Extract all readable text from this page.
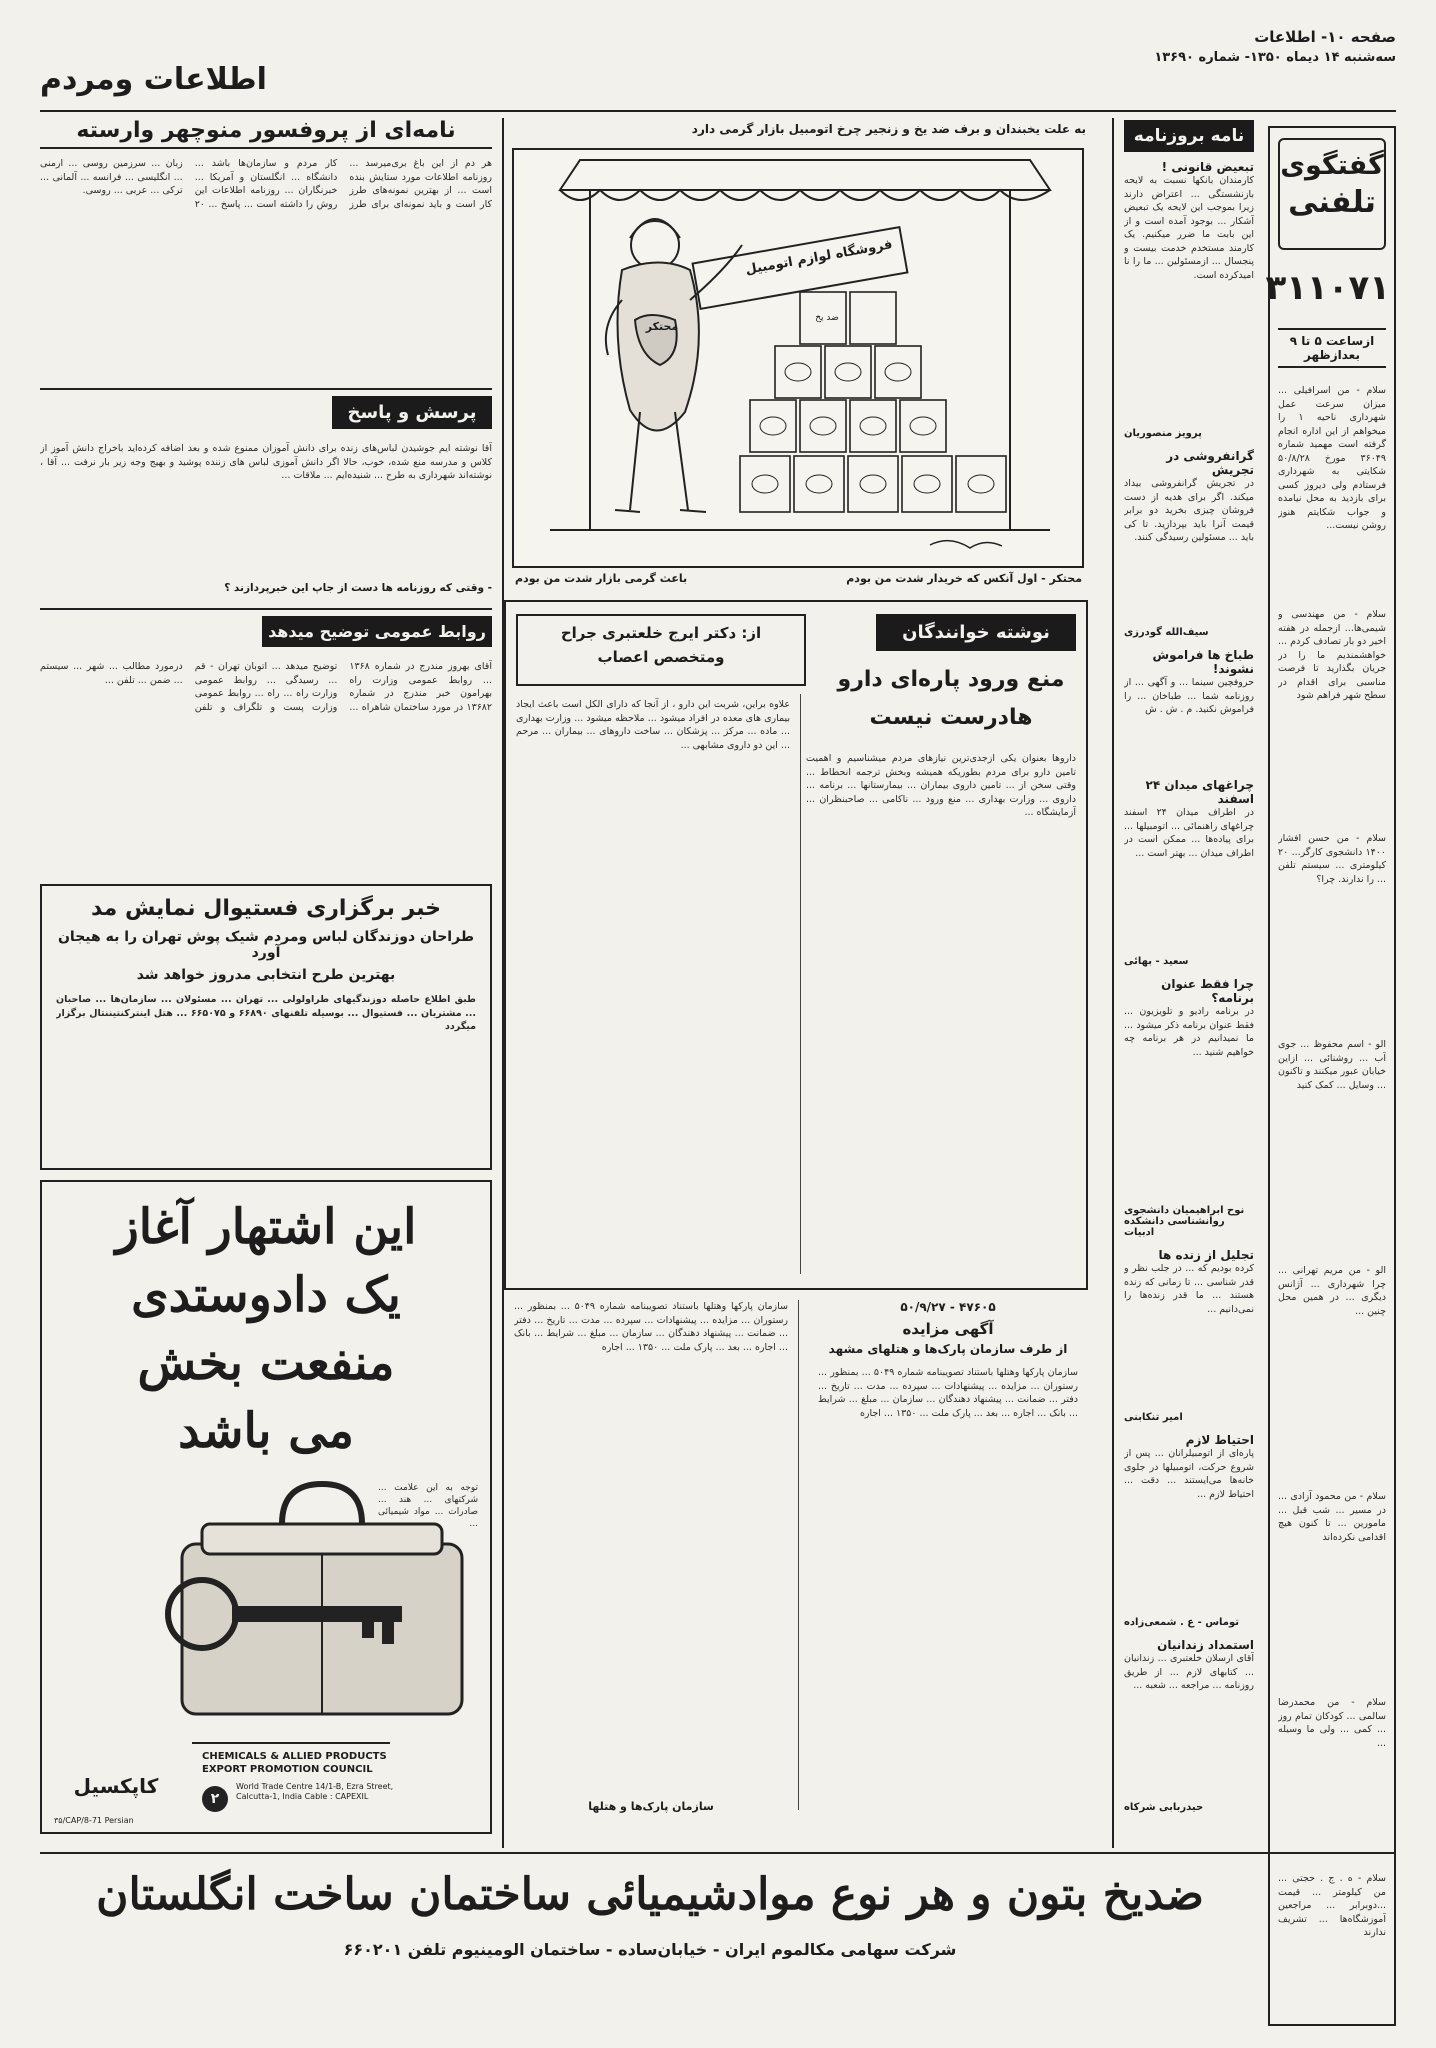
صفحه ۱۰- اطلاعات
سه‌شنبه ۱۴ دیماه ۱۳۵۰- شماره ۱۳۶۹۰
اطلاعات ومردم
گفتگوی
تلفنی
۳۱۱۰۷۱
ازساعت ۵ تا ۹
بعدازظهر
سلام - من اسرافیلی ... میزان سرعت عمل شهرداری ناحیه ۱ را میخواهم از این اداره انجام گرفته است مهمید شماره ۳۶۰۴۹ مورخ ۵۰/۸/۲۸ شکایتی به شهرداری فرستادم ولی دیروز کسی برای بازدید به محل نیامده و جواب شکایتم هنوز روشن نیست...
سلام - من مهندسی و شیمی‌ها... ازجمله در هفته اخیر دو بار تصادف کردم ... خواهشمندیم ما را در جریان بگذارید تا فرصت مناسبی برای اقدام در سطح شهر فراهم شود
سلام - من حسن افشار ۱۴۰۰ دانشجوی کارگر... ۲۰ کیلومتری ... سیستم تلفن ... را ندارند. چرا؟
الو - اسم محفوظ ... جوی آب ... روشنائی ... ازاین خیابان عبور میکنند و تاکنون ... وسایل ... کمک کنید
الو - من مریم تهرانی ... چرا شهرداری ... آژانس دیگری ... در همین محل چنین ...
سلام - من محمود آزادی ... در مسیر ... شب قبل ... مامورین ... تا کنون هیچ اقدامی نکرده‌اند
سلام - من محمدرضا سالمی ... کودکان تمام روز ... کمی ... ولی ما وسیله ...
سلام - ه . ج . حجتی ... من کیلومتر ... قیمت ...دوبرابر ... مراجعین آموزشگاه‌ها ... تشریف ندارند
نامه بروزنامه
تبعیض قانونی !
کارمندان بانکها نسبت به لایحه بازنشستگی ... اعتراض دارند زیرا بموجب این لایحه یک تبعیض آشکار ... بوجود آمده است و از این بابت ما ضرر میکنیم. یک کارمند مستخدم خدمت بیست و پنجسال ... ازمسئولین ... ما را نا امیدکرده است.
پرویز منصوریان
گرانفروشی در تجریش
در تجریش گرانفروشی بیداد میکند. اگر برای هدیه از دست فروشان چیزی بخرید دو برابر قیمت آنرا باید بپردازید. تا کی باید ... مسئولین رسیدگی کنند.
سیف‌الله گودرزی
طباخ ها فراموش نشوند!
حروفچین سینما ... و آگهی ... از روزنامه شما ... طباخان ... را فراموش نکنید. م . ش . ش
چراغهای میدان ۲۴ اسفند
در اطراف میدان ۲۴ اسفند چراغهای راهنمائی ... اتومبیلها ... برای پیاده‌ها ... ممکن است در اطراف میدان ... بهتر است ...
سعید - بهائی
چرا فقط عنوان برنامه؟
در برنامه رادیو و تلویزیون ... فقط عنوان برنامه ذکر میشود ... ما نمیدانیم در هر برنامه چه خواهیم شنید ...
نوح ابراهیمیان دانشجوی روانشناسی دانشکده ادبیات
تجلیل از زنده ها
کرده بودیم که ... در جلب نظر و قدر شناسی ... تا زمانی که زنده هستند ... ما قدر زنده‌ها را نمی‌دانیم ...
امیر تنکابنی
احتیاط لازم
پاره‌ای از اتومبیلرانان ... پس از شروع حرکت، اتومبیلها در جلوی خانه‌ها می‌ایستند ... دقت ... احتیاط لازم ...
توماس - ع . شمعی‌زاده
استمداد زندانیان
آقای ارسلان خلعتبری ... زندانیان ... کتابهای لازم ... از طریق روزنامه ... مراجعه ... شعبه ...
حیدربابی شرکاه
به علت یخبندان و برف ضد یخ و زنجیر چرخ اتومبیل بازار گرمی دارد
فروشگاه لوازم اتومبیل
محتکر
ضد یخ
محتکر - اول آنکس که خریدار شدت من بودم
باعث گرمی بازار شدت من بودم
نامه‌ای از پروفسور منوچهر وارسته
هر دم از این باغ بری‌میرسد ... روزنامه اطلاعات مورد ستایش بنده است ... از بهترین نمونه‌های طرز کار است و باید نمونه‌ای برای طرز کار مردم و سازمان‌ها باشد ... دانشگاه ... انگلستان و آمریکا ... خبرنگاران ... روزنامه اطلاعات این روش را داشته است ... پاسخ ... ۲۰ زبان ... سرزمین روسی ... ارمنی ... انگلیسی ... فرانسه ... آلمانی ... ترکی ... عربی ... روسی.
پرسش و پاسخ
آقا نوشته ایم جوشیدن لباس‌های زنده برای دانش آموزان ممنوع شده و بعد اضافه کرده‌اید باخراج دانش آموز از کلاس و مدرسه منع شده، خوب، حالا اگر دانش آموزی لباس های زننده پوشید و بهیج وجه زیر بار نرفت ... آقا ، نوشته‌اند شهرداری به طرح ... شنیده‌ایم ... ملاقات ...
- وقتی که روزنامه ها دست از جاپ این خبر‌پردازند ؟
روابط عمومی توضیح میدهد
آقای بهروز مندرج در شماره ۱۳۶۸ ... روابط عمومی وزارت راه بهرامون خبر مندرج در شماره ۱۳۶۸۲ در مورد ساختمان شاهراه ... توضیح میدهد ... اتوبان تهران - قم ... رسیدگی ... روابط عمومی وزارت راه ... راه ... روابط عمومی وزارت پست و تلگراف و تلفن درمورد مطالب ... شهر ... سیستم ... ضمن ... تلفن ...
خبر برگزاری فستیوال نمایش مد
طراحان دوزندگان لباس ومردم شیک پوش تهران را به هیجان آورد
بهترین طرح انتخابی مدروز خواهد شد
طبق اطلاع حاصله دوزندگیهای طراولولی ... تهران ... مسئولان ... سازمان‌ها ... صاحبان ... مشتریان ... فستیوال ... بوسیله تلفنهای ۶۶۸۹۰ و ۶۶۵۰۷۵ ... هتل اینترکنتیننتال برگزار میگردد
این اشتهار آغاز
یک دادوستدی
منفعت بخش
می باشد
توجه به این علامت ... شرکتهای ... هند ... صادرات ... مواد شیمیائی ...
کاپکسیل
CHEMICALS & ALLIED PRODUCTS EXPORT PROMOTION COUNCIL
۲
World Trade Centre 14/1-B, Ezra Street, Calcutta-1, India Cable : CAPEXIL
۳۵/CAP/8-71 Persian
نوشته خوانندگان
منع ورود پاره‌ای دارو
هادرست نیست
از: دکتر ایرج خلعتبری جراح
ومتخصص اعصاب
داروها بعنوان یکی ازجدی‌ترین نیازهای مردم میشناسیم و اهمیت تامین دارو برای مردم بطوریکه همیشه وبخش ترجمه انحطاط ... وقتی سخن از ... تامین داروی بیماران ... بیمارستانها ... برنامه ... داروی ... وزارت بهداری ... منع ورود ... ناکامی ... صاحبنظران ... آزمایشگاه ...
علاوه براین، شربت این دارو ، از آنجا که دارای الکل است باعث ایجاد بیماری های معده در افراد میشود ... ملاحظه میشود ... وزارت بهداری ... ماده ... مرکز ... پزشکان ... ساخت داروهای ... بیماران ... مرحم ... این دو داروی مشابهی ...
۴۷۶۰۵ - ۵۰/۹/۲۷
آگهی مزایده
از طرف سازمان پارک‌ها و هتلهای مشهد
سازمان پارکها وهتلها باستناد تصویبنامه شماره ۵۰۴۹ ... بمنظور ... رستوران ... مزایده ... پیشنهادات ... سپرده ... مدت ... تاریخ ... دفتر ... ضمانت ... پیشنهاد دهندگان ... سازمان ... مبلغ ... شرایط ... بانک ... اجاره ... بعد ... پارک ملت ... ۱۳۵۰ ... اجاره
سازمان پارکها وهتلها باستناد تصویبنامه شماره ۵۰۴۹ ... بمنظور ... رستوران ... مزایده ... پیشنهادات ... سپرده ... مدت ... تاریخ ... دفتر ... ضمانت ... پیشنهاد دهندگان ... سازمان ... مبلغ ... شرایط ... بانک ... اجاره ... بعد ... پارک ملت ... ۱۳۵۰ ... اجاره
سازمان پارک‌ها و هتلها
ضدیخ بتون و هر نوع موادشیمیائی ساختمان ساخت انگلستان
شرکت سهامی مکالموم ایران - خیابان‌ساده - ساختمان الومینیوم تلفن ۶۶۰۲۰۱
